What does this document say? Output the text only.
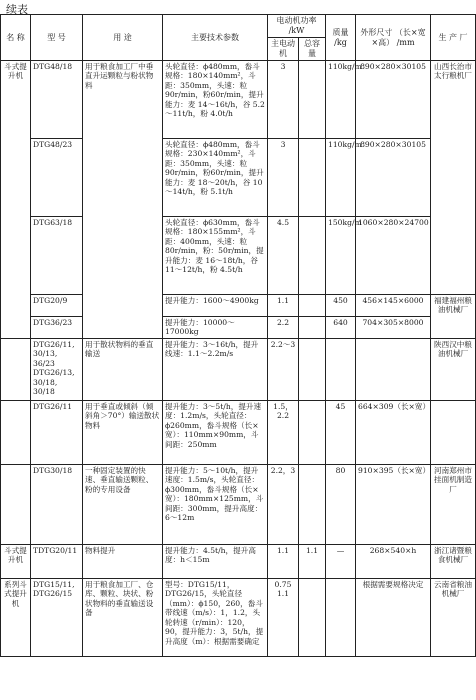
续表
名 称	型 号	用 途	主要技术参数	电动机功率 /kW		质量 /kg	外形尺寸 （长×宽×高） /mm	生 产 厂
				主电动机	总容量			
斗式提升机	DTG48/18	用于粮食加工厂中垂直升运颗粒与粉状物料	头轮直径：ϕ480mm，畚斗规格：180×140mm²，斗距：350mm，头速：粒90r/min，粉60r/min，提升能力：麦 14～16t/h，谷 5.2～11t/h，粉 4.0t/h	3		110kg/m	890×280×30105	山西长治市太行粮机厂
	DTG48/23		头轮直径：ϕ480mm，畚斗规格：230×140mm²，斗距：350mm，头速：粒90r/min，粉60r/min，提升能力：麦 18～20t/h，谷 10～14t/h，粉 5.1t/h	3		110kg/m	890×280×30105	
	DTG63/18		头轮直径：ϕ630mm，畚斗规格：180×155mm²，斗距：400mm，头速：粒80r/min，粉：50r/min，提升能力：麦 16～18t/h，谷 11～12t/h，粉 4.5t/h	4.5		150kg/m	1060×280×24700	
	DTG20/9		提升能力：1600～4900kg	1.1		450	456×145×6000	福建福州粮油机械厂
	DTG36/23		提升能力：10000～17000kg	2.2		640	704×305×8000	
	DTG26/11, 30/13, 36/23 DTG26/13, 30/18, 30/18	用于散状物料的垂直输送	提升能力：3～16t/h，提升线速：1.1～2.2m/s	2.2～3				陕西汉中粮油机械厂
	DTG26/11	用于垂直或倾斜（倾斜角＞70°）输送散状物料	提升能力：3～5t/h，提升速度：1.2m/s，头轮直径：ϕ260mm，畚斗规格（长×宽）：110mm×90mm，斗间距：250mm	1.5，2.2		45	664×309（长×宽）	
	DTG30/18	一种固定装置的快速、垂直输送颗粒、粉的专用设备	提升能力：5～10t/h，提升速度：1.5m/s，头轮直径：ϕ300mm，畚斗规格（长×宽）：180mm×125mm，斗间距：300mm，提升高度：6～12m	2.2，3		80	910×395（长×宽）	河南郑州市挂面机制造厂
斗式提升机	TDTG20/11	物料提升	提升能力：4.5t/h，提升高度：h＜15m	1.1	1.1	—	268×540×h	浙江诸暨粮食机械厂
系列斗式提升机	DTG15/11, DTG26/15	用于粮食加工厂、仓库、颗粒、块状、粉状物料的垂直输送设备	型号：DTG15/11，DTG26/15，头轮直径（mm）：ϕ150，260，畚斗带线速（m/s）：1，1.2，头轮转速（r/min）：120，90，提升能力：3，5t/h，提升高度（m）：根据需要确定	0.75 1.1			根据需要规格决定	云南省粮油机械厂
